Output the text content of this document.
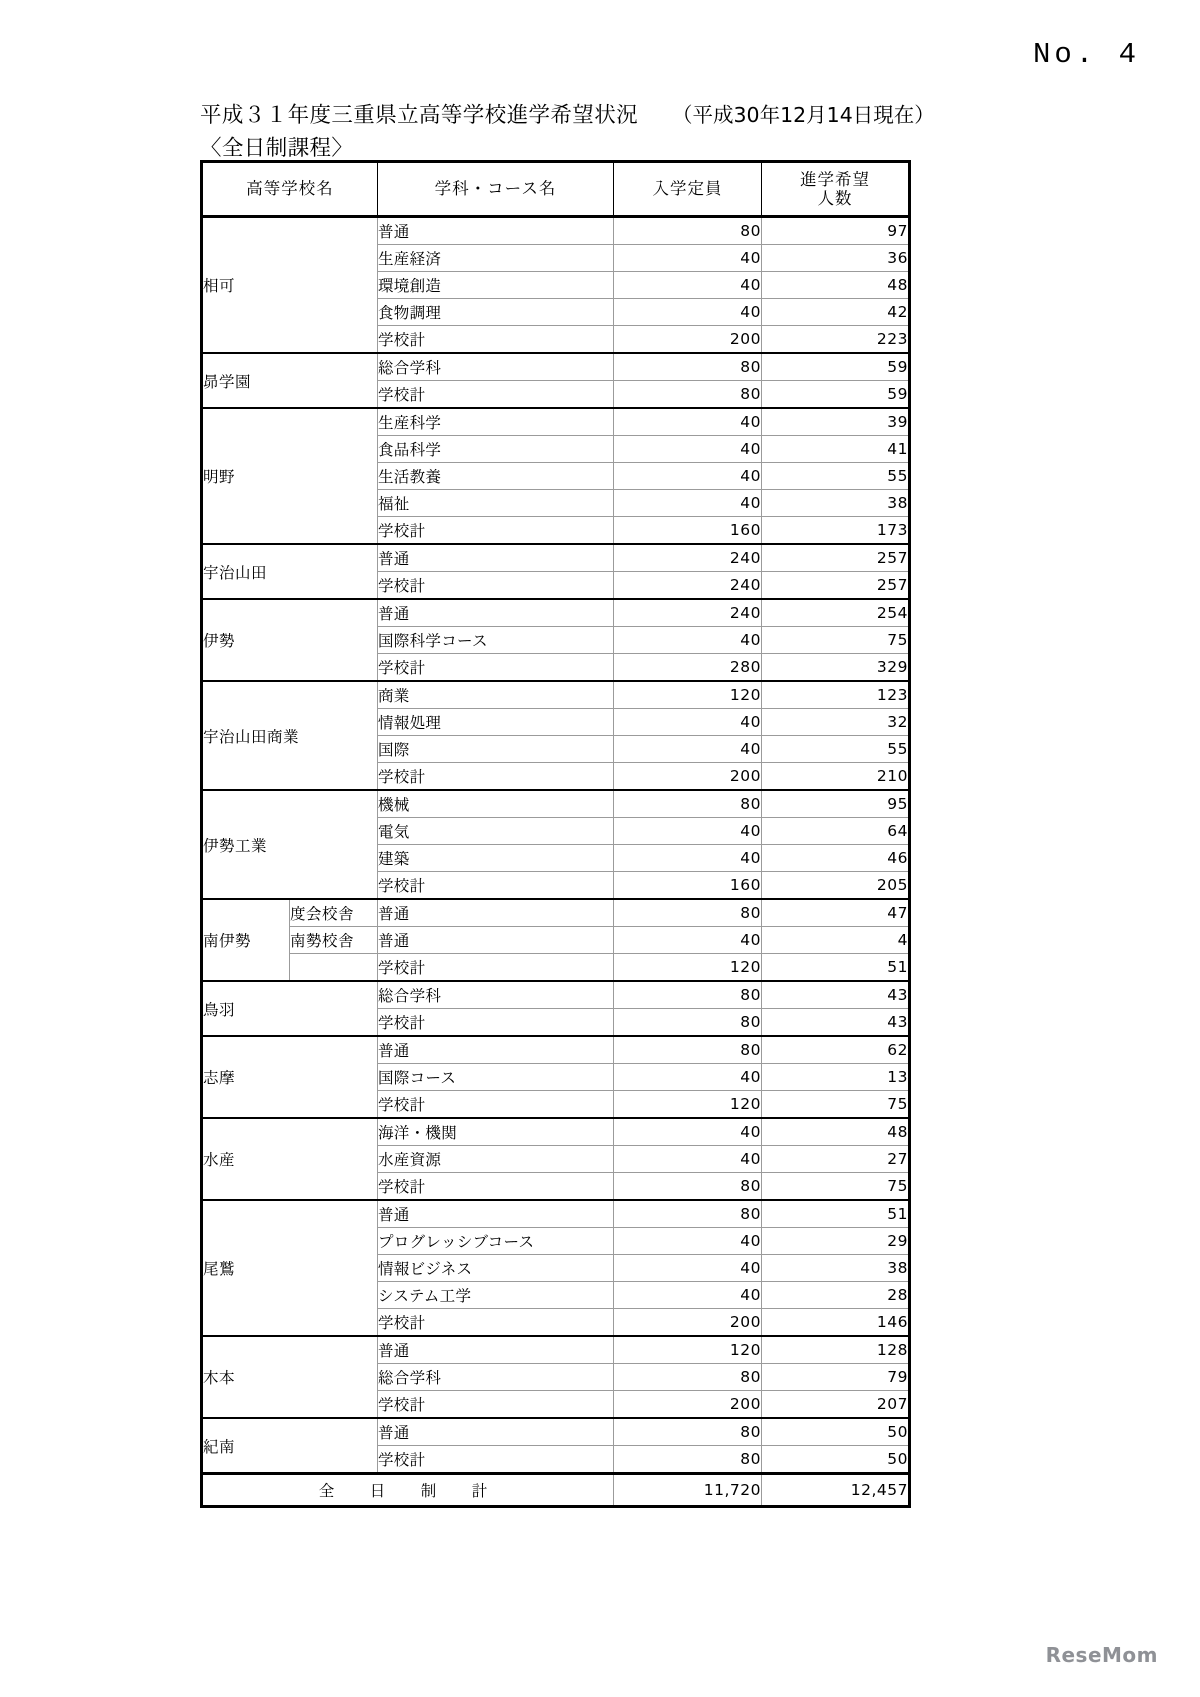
No. 4
平成３１年度三重県立高等学校進学希望状況 （平成30年12月14日現在）
〈全日制課程〉
高等学校名		学科・コース名	入学定員	進学希望
人数
相可		普通	80	97
		生産経済	40	36
		環境創造	40	48
		食物調理	40	42
		学校計	200	223
昴学園		総合学科	80	59
		学校計	80	59
明野		生産科学	40	39
		食品科学	40	41
		生活教養	40	55
		福祉	40	38
		学校計	160	173
宇治山田		普通	240	257
		学校計	240	257
伊勢		普通	240	254
		国際科学コース	40	75
		学校計	280	329
宇治山田商業		商業	120	123
		情報処理	40	32
		国際	40	55
		学校計	200	210
伊勢工業		機械	80	95
		電気	40	64
		建築	40	46
		学校計	160	205
南伊勢	度会校舎	普通	80	47
	南勢校舎	普通	40	4
		学校計	120	51
鳥羽		総合学科	80	43
		学校計	80	43
志摩		普通	80	62
		国際コース	40	13
		学校計	120	75
水産		海洋・機関	40	48
		水産資源	40	27
		学校計	80	75
尾鷲		普通	80	51
		プログレッシブコース	40	29
		情報ビジネス	40	38
		システム工学	40	28
		学校計	200	146
木本		普通	120	128
		総合学科	80	79
		学校計	200	207
紀南		普通	80	50
		学校計	80	50
全　日　制　計			11,720	12,457
ReseMom
